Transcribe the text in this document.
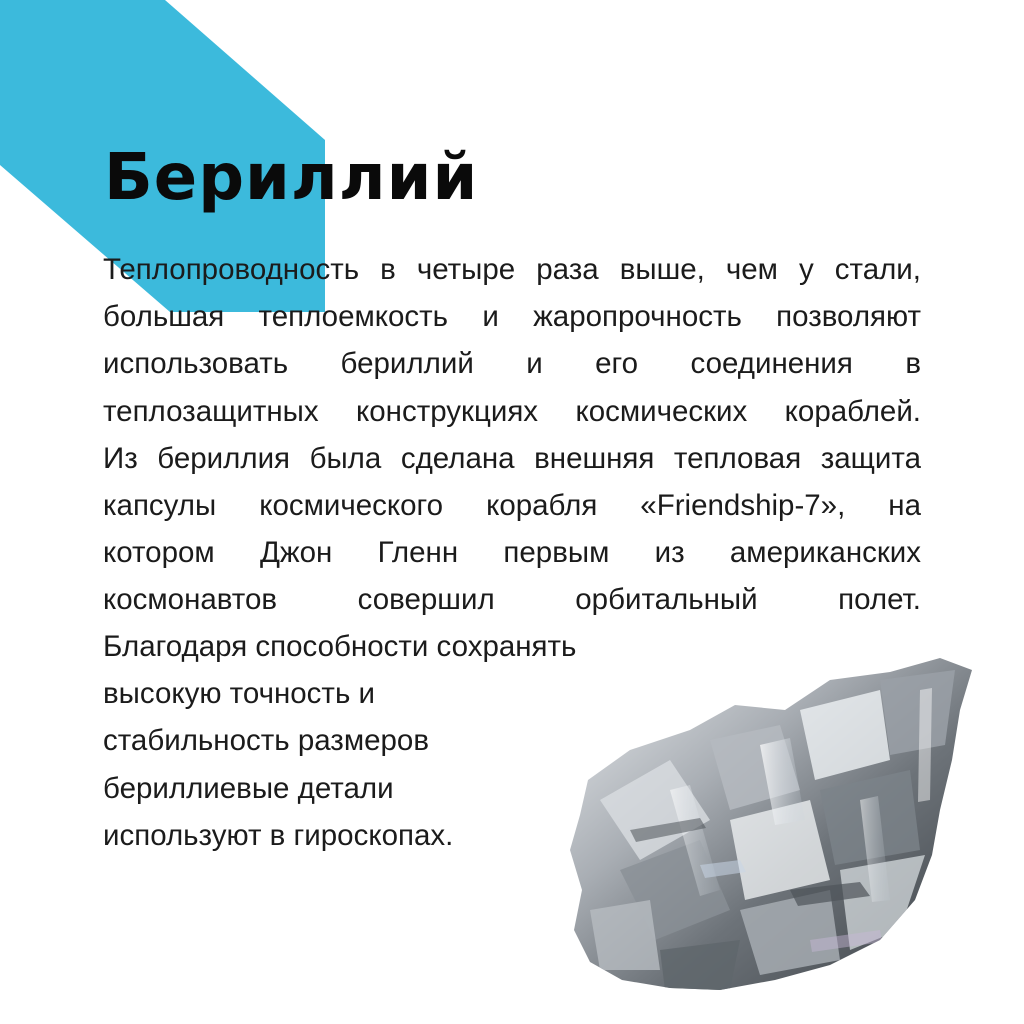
Бериллий
Теплопроводность в четыре раза выше, чем у стали,
большая теплоемкость и жаропрочность позволяют
использовать бериллий и его соединения в
теплозащитных конструкциях космических кораблей.
Из бериллия была сделана внешняя тепловая защита
капсулы космического корабля «Friendship-7», на
котором Джон Гленн первым из американских
космонавтов совершил орбитальный полет.
Благодаря способности сохранять
высокую точность и
стабильность размеров
бериллиевые детали
используют в гироскопах.
